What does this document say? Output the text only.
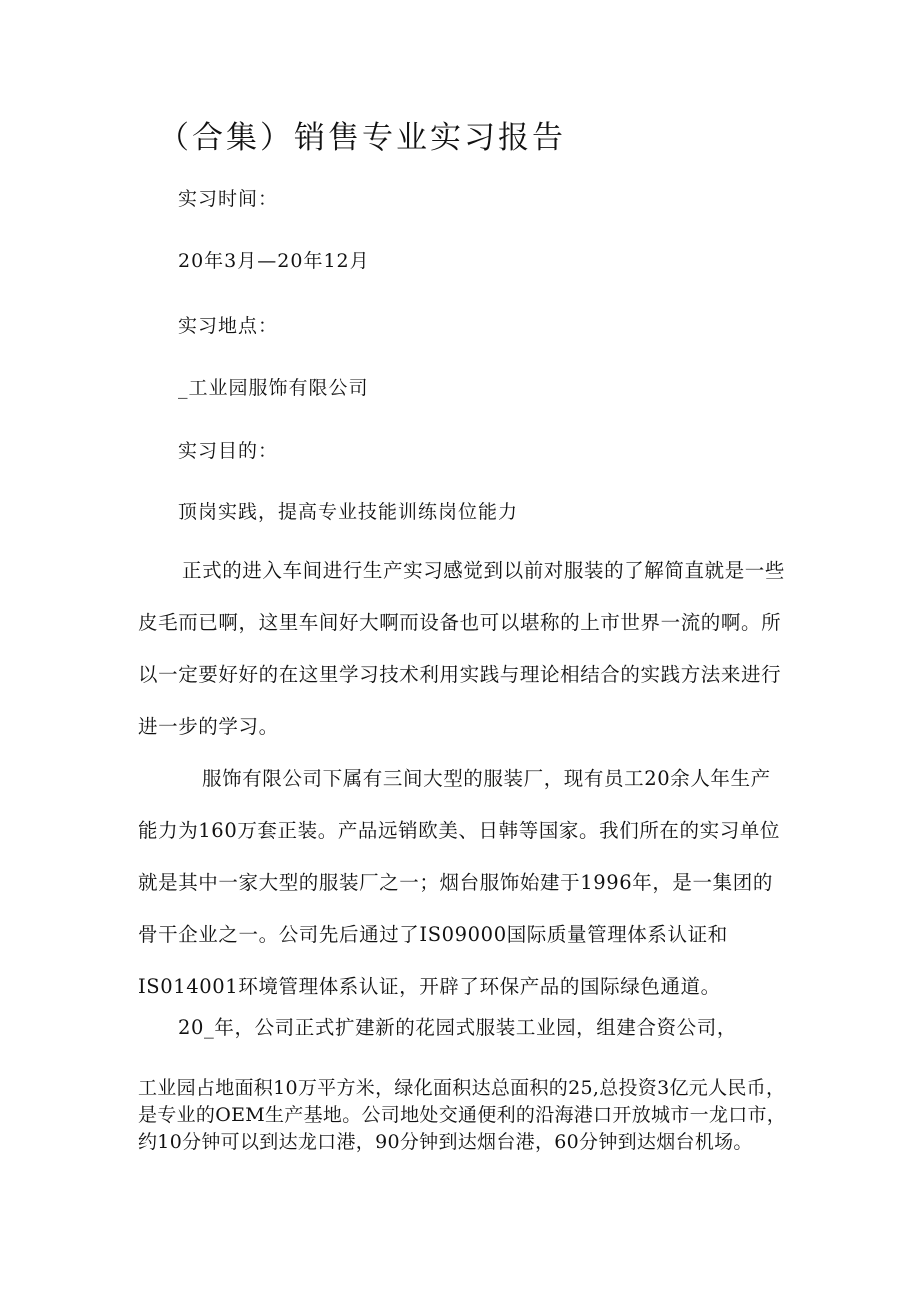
（合集）销售专业实习报告
实习时间：
20年3月—20年12月
实习地点：
_工业园服饰有限公司
实习目的：
顶岗实践，提高专业技能训练岗位能力

正式的进入车间进行生产实习感觉到以前对服装的了解简直就是一些皮毛而已啊，这里车间好大啊而设备也可以堪称的上市世界一流的啊。所以一定要好好的在这里学习技术利用实践与理论相结合的实践方法来进行进一步的学习。

服饰有限公司下属有三间大型的服装厂，现有员工20余人年生产能力为160万套正装。产品远销欧美、日韩等国家。我们所在的实习单位就是其中一家大型的服装厂之一；烟台服饰始建于1996年，是一集团的骨干企业之一。公司先后通过了IS09000国际质量管理体系认证和IS014001环境管理体系认证，开辟了环保产品的国际绿色通道。

20_年，公司正式扩建新的花园式服装工业园，组建合资公司，

工业园占地面积10万平方米，绿化面积达总面积的25,总投资3亿元人民币，是专业的OEM生产基地。公司地处交通便利的沿海港口开放城市一龙口市，约10分钟可以到达龙口港，90分钟到达烟台港，60分钟到达烟台机场。
